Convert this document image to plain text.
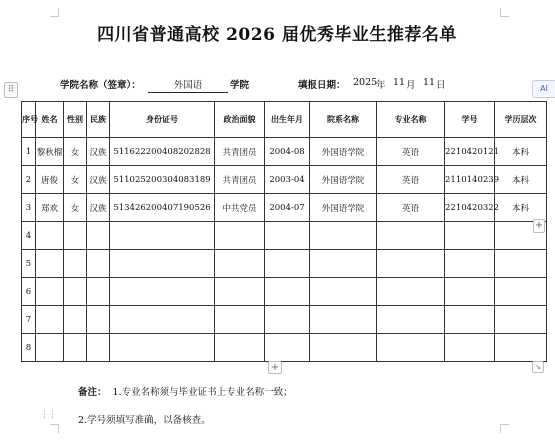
四川省普通高校 2026 届优秀毕业生推荐名单
⠿	AI
学院名称（签章）：	外国语	学院	填报日期： 2025
年 11 月 11 日
序号	姓名	性别	民族	身份证号	政治面貌	出生年月	院系名称	专业名称	学号	学历层次
1	黎秋榴	女	汉族	511622200408202828	共青团员	2004-08	外国语学院	英语	2210420121	本科
2	唐俊	女	汉族	511025200304083189	共青团员	2003-04	外国语学院	英语	2110140239	本科
3	郑欢	女	汉族	513426200407190526	中共党员	2004-07	外国语学院	英语	2210420322	本科
4										
5										
6										
7										
8										
+
+	↘
备注： 1.专业名称须与毕业证书上专业名称一致；
⋮⋮ 2.学号须填写准确，以备核查。
